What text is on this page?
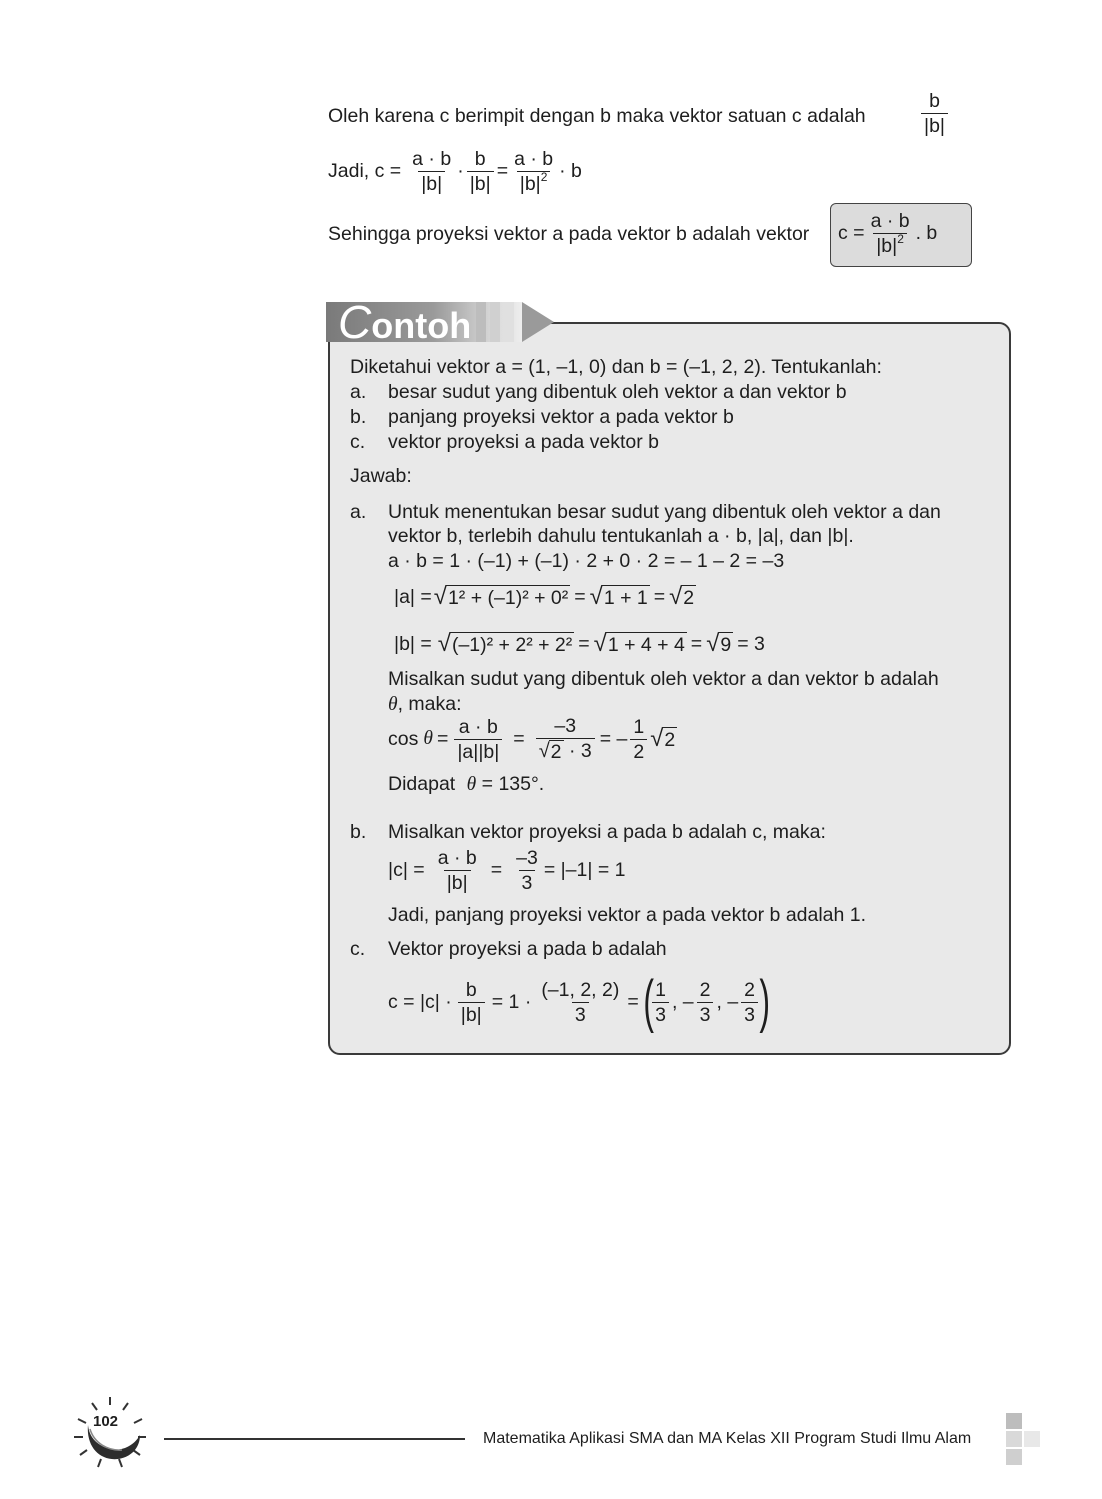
Oleh karena c berimpit dengan b maka vektor satuan c adalah	$\frac{b}{|b|}$
Jadi, $c = \frac{a \cdot b}{|b|} \cdot \frac{b}{|b|} = \frac{a \cdot b}{|b|^2} \cdot b$
Sehingga proyeksi vektor a pada vektor b adalah vektor $c = \frac{a \cdot b}{|b|^2}$ . b
Contoh
Diketahui vektor a = (1, –1, 0) dan b = (–1, 2, 2). Tentukanlah:
a. besar sudut yang dibentuk oleh vektor a dan vektor b
b. panjang proyeksi vektor a pada vektor b
c. vektor proyeksi a pada vektor b
Jawab:
a. Untuk menentukan besar sudut yang dibentuk oleh vektor a dan
vektor b, terlebih dahulu tentukanlah a · b, |a|, dan |b|.
a · b = 1 · (–1) + (–1) · 2 + 0 · 2 = – 1 – 2 = –3
|a| = √ 1² + (–1)² + 0² = √ 1 + 1 = √ 2
|b| = √ (–1)² + 2² + 2² = √ 1 + 4 + 4 = √ 9 = 3
Misalkan sudut yang dibentuk oleh vektor a dan vektor b adalah
θ, maka:
$\cos \theta = \frac{a \cdot b}{|a||b|} = \frac{-3}{√ 2 \cdot 3}$ = – $\frac{1}{2}$ √ 2
Didapat θ = 135°.
b. Misalkan vektor proyeksi a pada b adalah c, maka:
$|c| = \frac{a \cdot b}{|b|} = \frac{-3}{3} = |-1| = 1$
Jadi, panjang proyeksi vektor a pada vektor b adalah 1.
c. Vektor proyeksi a pada b adalah
$c = |c| \cdot \frac{b}{|b|} = 1 \cdot \frac{(-1, 2, 2)}{3}$ = (
$\frac{1}{3}$ , – $\frac{2}{3}$ , – $\frac{2}{3}$ )
102
Matematika Aplikasi SMA dan MA Kelas XII Program Studi Ilmu Alam
